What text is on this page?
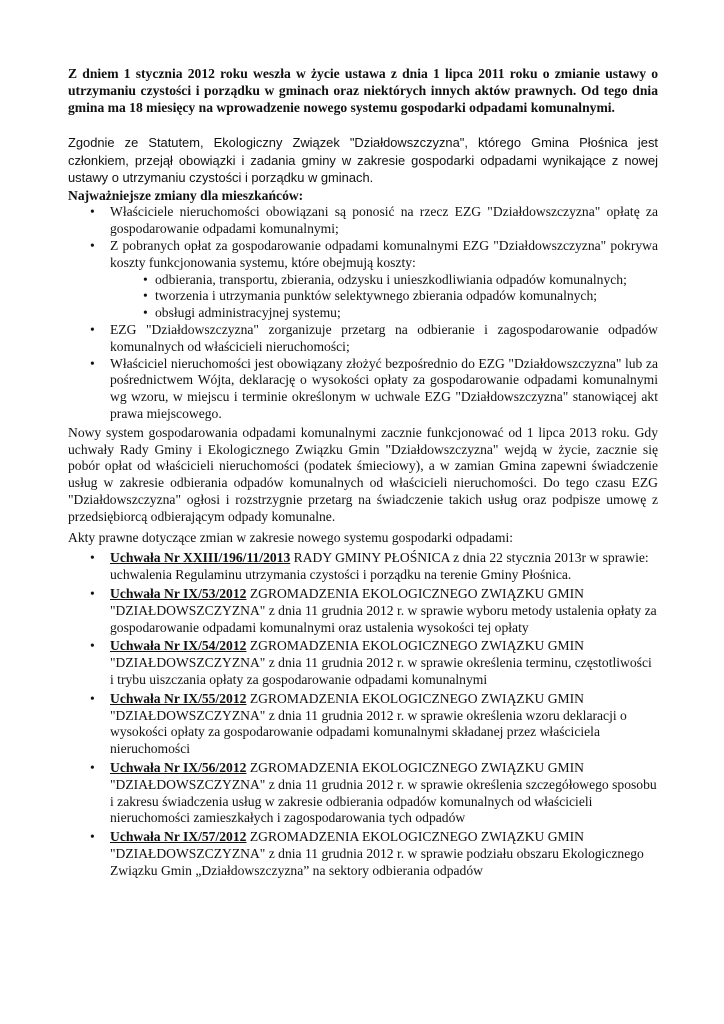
Z dniem 1 stycznia 2012 roku weszła w życie ustawa z dnia 1 lipca 2011 roku o zmianie ustawy o utrzymaniu czystości i porządku w gminach oraz niektórych innych aktów prawnych. Od tego dnia gmina ma 18 miesięcy na wprowadzenie nowego systemu gospodarki odpadami komunalnymi.

Zgodnie ze Statutem, Ekologiczny Związek "Działdowszczyzna", którego Gmina Płośnica jest członkiem, przejął obowiązki i zadania gminy w zakresie gospodarki odpadami wynikające z nowej ustawy o utrzymaniu czystości i porządku w gminach.

Najważniejsze zmiany dla mieszkańców:

• Właściciele nieruchomości obowiązani są ponosić na rzecz EZG "Działdowszczyzna" opłatę za gospodarowanie odpadami komunalnymi;
• Z pobranych opłat za gospodarowanie odpadami komunalnymi EZG "Działdowszczyzna" pokrywa koszty funkcjonowania systemu, które obejmują koszty:
• odbierania, transportu, zbierania, odzysku i unieszkodliwiania odpadów komunalnych;
• tworzenia i utrzymania punktów selektywnego zbierania odpadów komunalnych;
• obsługi administracyjnej systemu;
• EZG "Działdowszczyzna" zorganizuje przetarg na odbieranie i zagospodarowanie odpadów komunalnych od właścicieli nieruchomości;
• Właściciel nieruchomości jest obowiązany złożyć bezpośrednio do EZG "Działdowszczyzna" lub za pośrednictwem Wójta, deklarację o wysokości opłaty za gospodarowanie odpadami komunalnymi wg wzoru, w miejscu i terminie określonym w uchwale EZG "Działdowszczyzna" stanowiącej akt prawa miejscowego.

Nowy system gospodarowania odpadami komunalnymi zacznie funkcjonować od 1 lipca 2013 roku. Gdy uchwały Rady Gminy i Ekologicznego Związku Gmin "Działdowszczyzna" wejdą w życie, zacznie się pobór opłat od właścicieli nieruchomości (podatek śmieciowy), a w zamian Gmina zapewni świadczenie usług w zakresie odbierania odpadów komunalnych od właścicieli nieruchomości. Do tego czasu EZG "Działdowszczyzna" ogłosi i rozstrzygnie przetarg na świadczenie takich usług oraz podpisze umowę z przedsiębiorcą odbierającym odpady komunalne.

Akty prawne dotyczące zmian w zakresie nowego systemu gospodarki odpadami:

• Uchwała Nr XXIII/196/11/2013 RADY GMINY PŁOŚNICA z dnia 22 stycznia 2013r w sprawie: uchwalenia Regulaminu utrzymania czystości i porządku na terenie Gminy Płośnica.
• Uchwała Nr IX/53/2012 ZGROMADZENIA EKOLOGICZNEGO ZWIĄZKU GMIN "DZIAŁDOWSZCZYZNA" z dnia 11 grudnia 2012 r. w sprawie wyboru metody ustalenia opłaty za gospodarowanie odpadami komunalnymi oraz ustalenia wysokości tej opłaty
• Uchwała Nr IX/54/2012 ZGROMADZENIA EKOLOGICZNEGO ZWIĄZKU GMIN "DZIAŁDOWSZCZYZNA" z dnia 11 grudnia 2012 r. w sprawie określenia terminu, częstotliwości i trybu uiszczania opłaty za gospodarowanie odpadami komunalnymi
• Uchwała Nr IX/55/2012 ZGROMADZENIA EKOLOGICZNEGO ZWIĄZKU GMIN "DZIAŁDOWSZCZYZNA" z dnia 11 grudnia 2012 r. w sprawie określenia wzoru deklaracji o wysokości opłaty za gospodarowanie odpadami komunalnymi składanej przez właściciela nieruchomości
• Uchwała Nr IX/56/2012 ZGROMADZENIA EKOLOGICZNEGO ZWIĄZKU GMIN "DZIAŁDOWSZCZYZNA" z dnia 11 grudnia 2012 r. w sprawie określenia szczegółowego sposobu i zakresu świadczenia usług w zakresie odbierania odpadów komunalnych od właścicieli nieruchomości zamieszkałych i zagospodarowania tych odpadów
• Uchwała Nr IX/57/2012 ZGROMADZENIA EKOLOGICZNEGO ZWIĄZKU GMIN "DZIAŁDOWSZCZYZNA" z dnia 11 grudnia 2012 r. w sprawie podziału obszaru Ekologicznego Związku Gmin „Działdowszczyzna” na sektory odbierania odpadów
